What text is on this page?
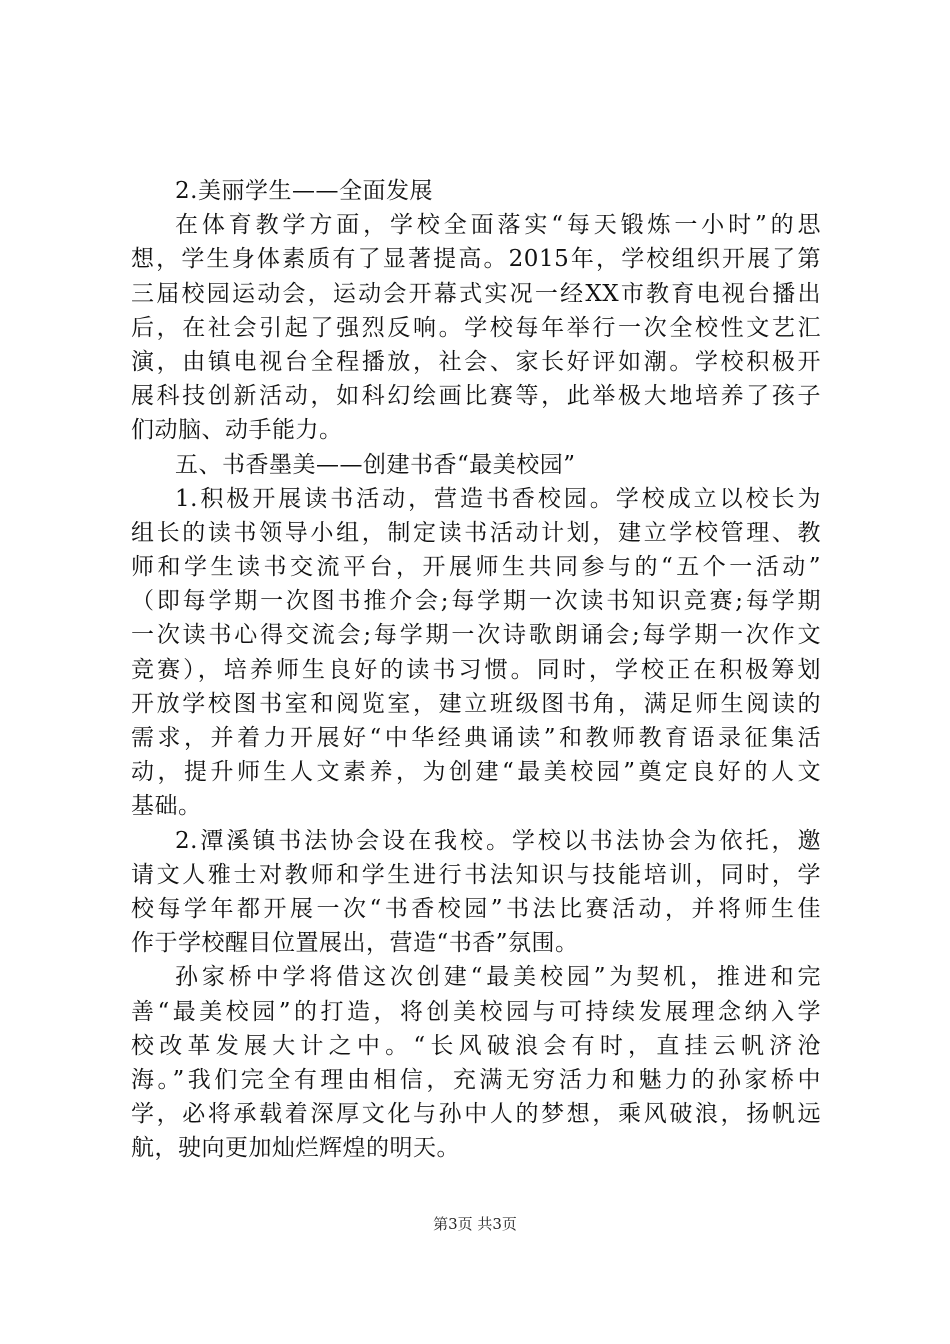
2.美丽学生——全面发展
在体育教学方面，学校全面落实“每天锻炼一小时”的思
想，学生身体素质有了显著提高。2015年，学校组织开展了第
三届校园运动会，运动会开幕式实况一经XX市教育电视台播出
后，在社会引起了强烈反响。学校每年举行一次全校性文艺汇
演，由镇电视台全程播放，社会、家长好评如潮。学校积极开
展科技创新活动，如科幻绘画比赛等，此举极大地培养了孩子
们动脑、动手能力。
五、书香墨美——创建书香“最美校园”
1.积极开展读书活动，营造书香校园。学校成立以校长为
组长的读书领导小组，制定读书活动计划，建立学校管理、教
师和学生读书交流平台，开展师生共同参与的“五个一活动”
（即每学期一次图书推介会;每学期一次读书知识竞赛;每学期
一次读书心得交流会;每学期一次诗歌朗诵会;每学期一次作文
竞赛），培养师生良好的读书习惯。同时，学校正在积极筹划
开放学校图书室和阅览室，建立班级图书角，满足师生阅读的
需求，并着力开展好“中华经典诵读”和教师教育语录征集活
动，提升师生人文素养，为创建“最美校园”奠定良好的人文
基础。
2.潭溪镇书法协会设在我校。学校以书法协会为依托，邀
请文人雅士对教师和学生进行书法知识与技能培训，同时，学
校每学年都开展一次“书香校园”书法比赛活动，并将师生佳
作于学校醒目位置展出，营造“书香”氛围。
孙家桥中学将借这次创建“最美校园”为契机，推进和完
善“最美校园”的打造，将创美校园与可持续发展理念纳入学
校改革发展大计之中。“长风破浪会有时，直挂云帆济沧
海。”我们完全有理由相信，充满无穷活力和魅力的孙家桥中
学，必将承载着深厚文化与孙中人的梦想，乘风破浪，扬帆远
航，驶向更加灿烂辉煌的明天。
第3页 共3页
